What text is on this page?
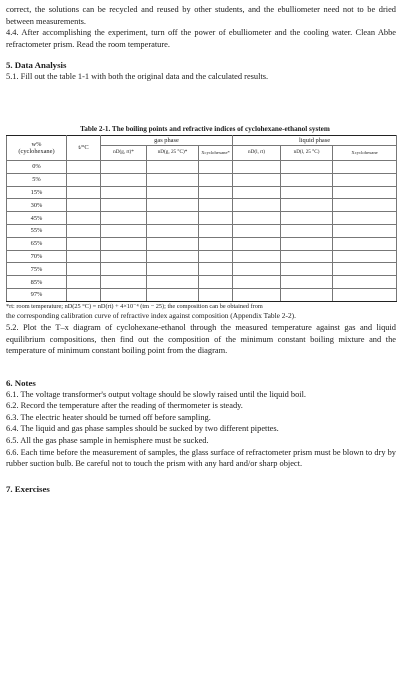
correct, the solutions can be recycled and reused by other students, and the ebulliometer need not to be dried between measurements.

4.4. After accomplishing the experiment, turn off the power of ebulliometer and the cooling water. Clean Abbe refractometer prism. Read the room temperature.

5. Data Analysis

5.1. Fill out the table 1-1 with both the original data and the calculated results.

Table 2-1. The boiling points and refractive indices of cyclohexane-ethanol system

w%
(cyclohexane)	t/°C	gas phase			liquid phase		
		nD(g, rt)*	nD(g, 25 °C)*	Xcyclohexane*	nD(l, rt)	nD(l, 25 °C)	Xcyclohexane
0%							
5%							
15%							
30%							
45%							
55%							
65%							
70%							
75%							
85%							
97%							

*rt: room temperature; nD(25 °C) = nD(rt) + 4×10⁻⁴ (tm − 25); the composition can be obtained from
the corresponding calibration curve of refractive index against composition (Appendix Table 2-2).

5.2. Plot the T–x diagram of cyclohexane-ethanol through the measured temperature against gas and liquid equilibrium compositions, then find out the composition of the minimum constant boiling mixture and the temperature of minimum constant boiling point from the diagram.

6. Notes

6.1. The voltage transformer's output voltage should be slowly raised until the liquid boil.

6.2. Record the temperature after the reading of thermometer is steady.

6.3. The electric heater should be turned off before sampling.

6.4. The liquid and gas phase samples should be sucked by two different pipettes.

6.5. All the gas phase sample in hemisphere must be sucked.

6.6. Each time before the measurement of samples, the glass surface of refractometer prism must be blown to dry by rubber suction bulb. Be careful not to touch the prism with any hard and/or sharp object.

7. Exercises
